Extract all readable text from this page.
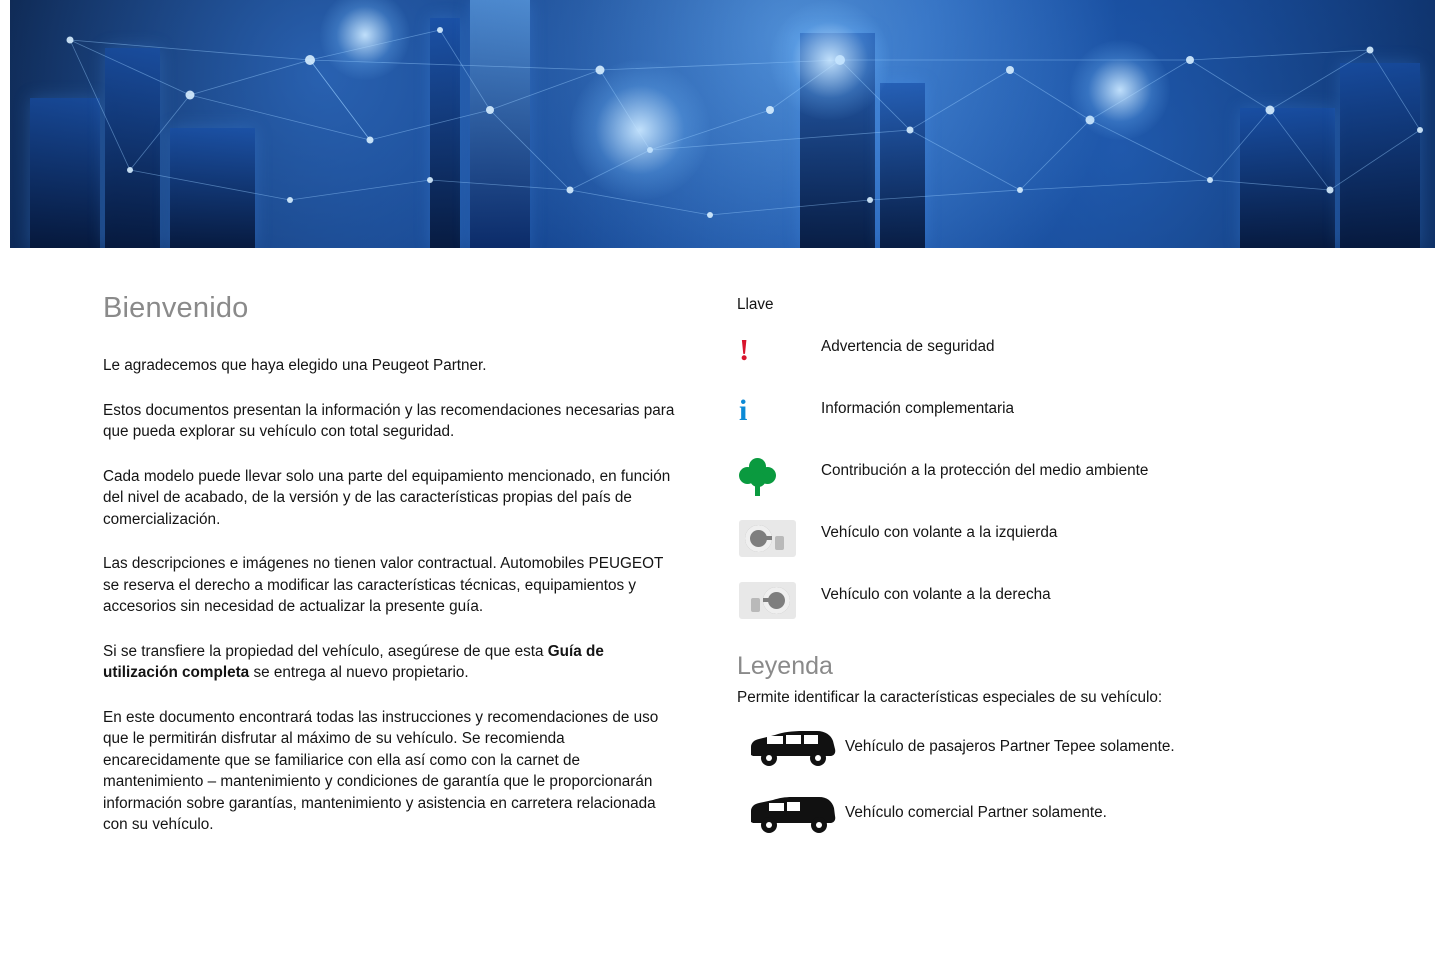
Bienvenido

Le agradecemos que haya elegido una Peugeot Partner.

Estos documentos presentan la información y las recomendaciones necesarias para que pueda explorar su vehículo con total seguridad.

Cada modelo puede llevar solo una parte del equipamiento mencionado, en función del nivel de acabado, de la versión y de las características propias del país de comercialización.

Las descripciones e imágenes no tienen valor contractual. Automobiles PEUGEOT se reserva el derecho a modificar las características técnicas, equipamientos y accesorios sin necesidad de actualizar la presente guía.

Si se transfiere la propiedad del vehículo, asegúrese de que esta Guía de utilización completa se entrega al nuevo propietario.

En este documento encontrará todas las instrucciones y recomendaciones de uso que le permitirán disfrutar al máximo de su vehículo. Se recomienda encarecidamente que se familiarice con ella así como con la carnet de mantenimiento – mantenimiento y condiciones de garantía que le proporcionarán información sobre garantías, mantenimiento y asistencia en carretera relacionada con su vehículo.

Llave

!	Advertencia de seguridad
i	Información complementaria
Contribución a la protección del medio ambiente
Vehículo con volante a la izquierda
Vehículo con volante a la derecha
Leyenda

Permite identificar la características especiales de su vehículo:

Vehículo de pasajeros Partner Tepee solamente.
Vehículo comercial Partner solamente.
